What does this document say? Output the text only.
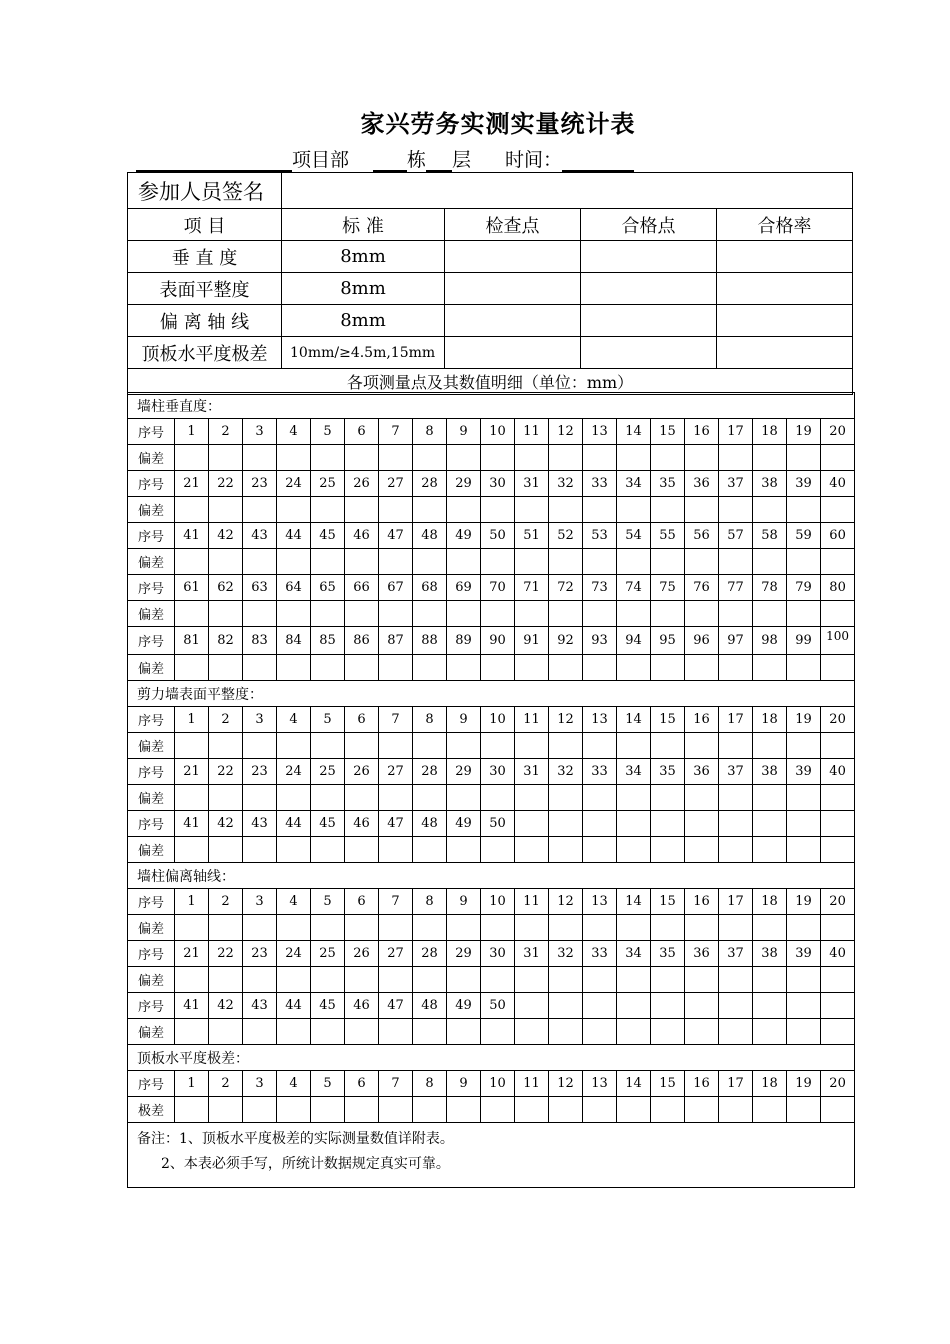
家兴劳务实测实量统计表
项目部	栋 层 时间：
参加人员签名				
项 目	标 准	检查点	合格点	合格率
垂 直 度	8mm			
表面平整度	8mm			
偏 离 轴 线	8mm			
顶板水平度极差	10mm/≥4.5m,15mm			
各项测量点及其数值明细（单位：mm）				
墙柱垂直度：																				
序号	1	2	3	4	5	6	7	8	9	10	11	12	13	14	15	16	17	18	19	20
偏差																				
序号	21	22	23	24	25	26	27	28	29	30	31	32	33	34	35	36	37	38	39	40
偏差																				
序号	41	42	43	44	45	46	47	48	49	50	51	52	53	54	55	56	57	58	59	60
偏差																				
序号	61	62	63	64	65	66	67	68	69	70	71	72	73	74	75	76	77	78	79	80
偏差																				
序号	81	82	83	84	85	86	87	88	89	90	91	92	93	94	95	96	97	98	99	100
偏差																				
剪力墙表面平整度：																				
序号	1	2	3	4	5	6	7	8	9	10	11	12	13	14	15	16	17	18	19	20
偏差																				
序号	21	22	23	24	25	26	27	28	29	30	31	32	33	34	35	36	37	38	39	40
偏差																				
序号	41	42	43	44	45	46	47	48	49	50										
偏差																				
墙柱偏离轴线：																				
序号	1	2	3	4	5	6	7	8	9	10	11	12	13	14	15	16	17	18	19	20
偏差																				
序号	21	22	23	24	25	26	27	28	29	30	31	32	33	34	35	36	37	38	39	40
偏差																				
序号	41	42	43	44	45	46	47	48	49	50										
偏差																				
顶板水平度极差：																				
序号	1	2	3	4	5	6	7	8	9	10	11	12	13	14	15	16	17	18	19	20
极差																				

备注：1、顶板水平度极差的实际测量数值详附表。
2、本表必须手写，所统计数据规定真实可靠。																				
